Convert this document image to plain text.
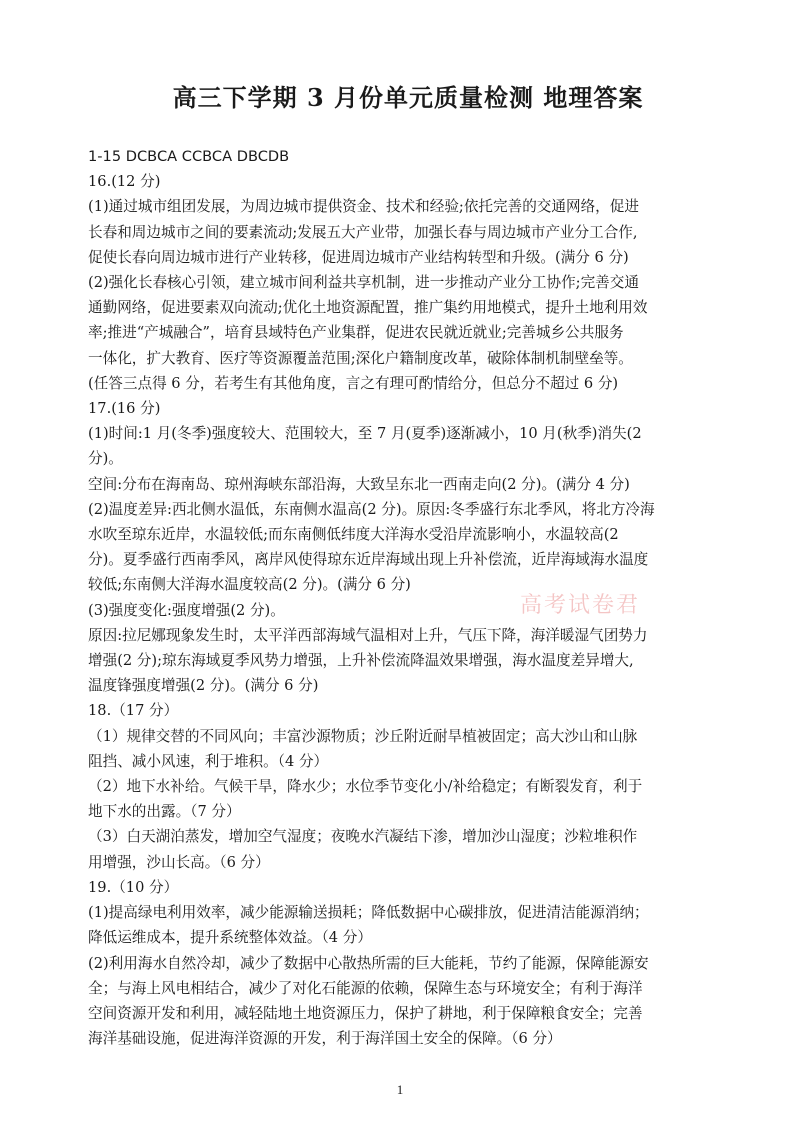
高三下学期 3 月份单元质量检测 地理答案

1-15 DCBCA CCBCA DBCDB

16.(12 分)

(1)通过城市组团发展，为周边城市提供资金、技术和经验;依托完善的交通网络，促进

长春和周边城市之间的要素流动;发展五大产业带，加强长春与周边城市产业分工合作,

促使长春向周边城市进行产业转移，促进周边城市产业结构转型和升级。(满分 6 分)

(2)强化长春核心引领，建立城市间利益共享机制，进一步推动产业分工协作;完善交通

通勤网络，促进要素双向流动;优化土地资源配置，推广集约用地模式，提升土地利用效

率;推进“产城融合”，培育县域特色产业集群，促进农民就近就业;完善城乡公共服务

一体化，扩大教育、医疗等资源覆盖范围;深化户籍制度改革，破除体制机制壁垒等。

(任答三点得 6 分，若考生有其他角度，言之有理可酌情给分，但总分不超过 6 分)

17.(16 分)

(1)时间:1 月(冬季)强度较大、范围较大，至 7 月(夏季)逐渐减小，10 月(秋季)消失(2

分)。

空间:分布在海南岛、琼州海峡东部沿海，大致呈东北一西南走向(2 分)。(满分 4 分)

(2)温度差异:西北侧水温低，东南侧水温高(2 分)。原因:冬季盛行东北季风，将北方冷海

水吹至琼东近岸，水温较低;而东南侧低纬度大洋海水受沿岸流影响小，水温较高(2

分)。夏季盛行西南季风，离岸风使得琼东近岸海域出现上升补偿流，近岸海域海水温度

较低;东南侧大洋海水温度较高(2 分)。(满分 6 分)

(3)强度变化:强度增强(2 分)。

原因:拉尼娜现象发生时，太平洋西部海域气温相对上升，气压下降，海洋暖湿气团势力

增强(2 分);琼东海域夏季风势力增强，上升补偿流降温效果增强，海水温度差异增大,

温度锋强度增强(2 分)。(满分 6 分)

18.（17 分）

（1）规律交替的不同风向；丰富沙源物质；沙丘附近耐旱植被固定；高大沙山和山脉

阻挡、减小风速，利于堆积。（4 分）

（2）地下水补给。气候干旱，降水少；水位季节变化小/补给稳定；有断裂发育，利于

地下水的出露。（7 分）

（3）白天湖泊蒸发，增加空气湿度；夜晚水汽凝结下渗，增加沙山湿度；沙粒堆积作

用增强，沙山长高。（6 分）

19.（10 分）

(1)提高绿电利用效率，减少能源输送损耗；降低数据中心碳排放，促进清洁能源消纳；

降低运维成本，提升系统整体效益。（4 分）

(2)利用海水自然冷却，减少了数据中心散热所需的巨大能耗，节约了能源，保障能源安

全；与海上风电相结合，减少了对化石能源的依赖，保障生态与环境安全；有利于海洋

空间资源开发和利用，减轻陆地土地资源压力，保护了耕地，利于保障粮食安全；完善

海洋基础设施，促进海洋资源的开发，利于海洋国土安全的保障。（6 分）

高考试卷君
1
